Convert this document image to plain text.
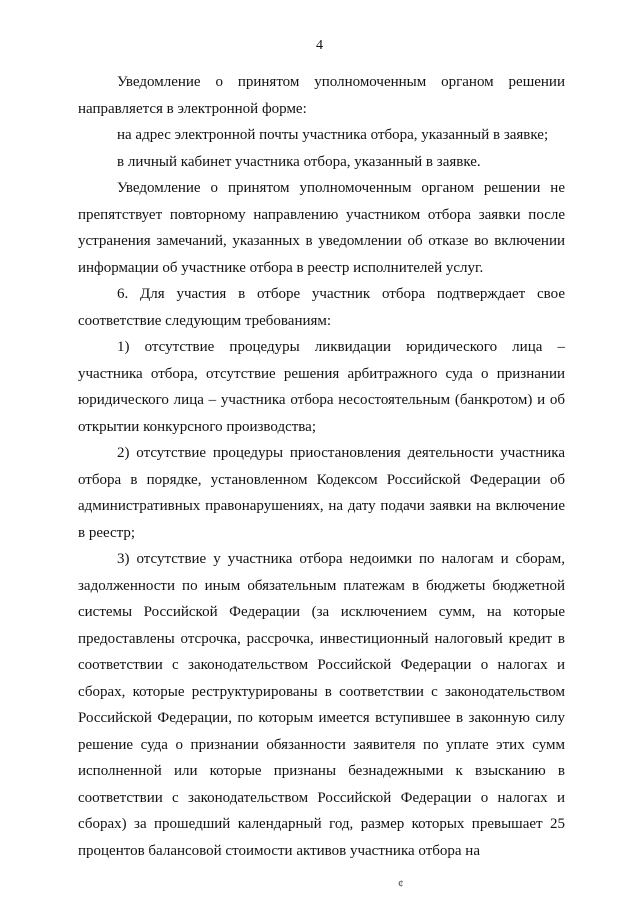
4

Уведомление о принятом уполномоченным органом решении направляется в электронной форме:

на адрес электронной почты участника отбора, указанный в заявке;

в личный кабинет участника отбора, указанный в заявке.

Уведомление о принятом уполномоченным органом решении не препятствует повторному направлению участником отбора заявки после устранения замечаний, указанных в уведомлении об отказе во включении информации об участнике отбора в реестр исполнителей услуг.

6. Для участия в отборе участник отбора подтверждает свое соответствие следующим требованиям:

1) отсутствие процедуры ликвидации юридического лица – участника отбора, отсутствие решения арбитражного суда о признании юридического лица – участника отбора несостоятельным (банкротом) и об открытии конкурсного производства;

2) отсутствие процедуры приостановления деятельности участника отбора в порядке, установленном Кодексом Российской Федерации об административных правонарушениях, на дату подачи заявки на включение в реестр;

3) отсутствие у участника отбора недоимки по налогам и сборам, задолженности по иным обязательным платежам в бюджеты бюджетной системы Российской Федерации (за исключением сумм, на которые предоставлены отсрочка, рассрочка, инвестиционный налоговый кредит в соответствии с законодательством Российской Федерации о налогах и сборах, которые реструктурированы в соответствии с законодательством Российской Федерации, по которым имеется вступившее в законную силу решение суда о признании обязанности заявителя по уплате этих сумм исполненной или которые признаны безнадежными к взысканию в соответствии с законодательством Российской Федерации о налогах и сборах) за прошедший календарный год, размер которых превышает 25 процентов балансовой стоимости активов участника отбора на

¢
